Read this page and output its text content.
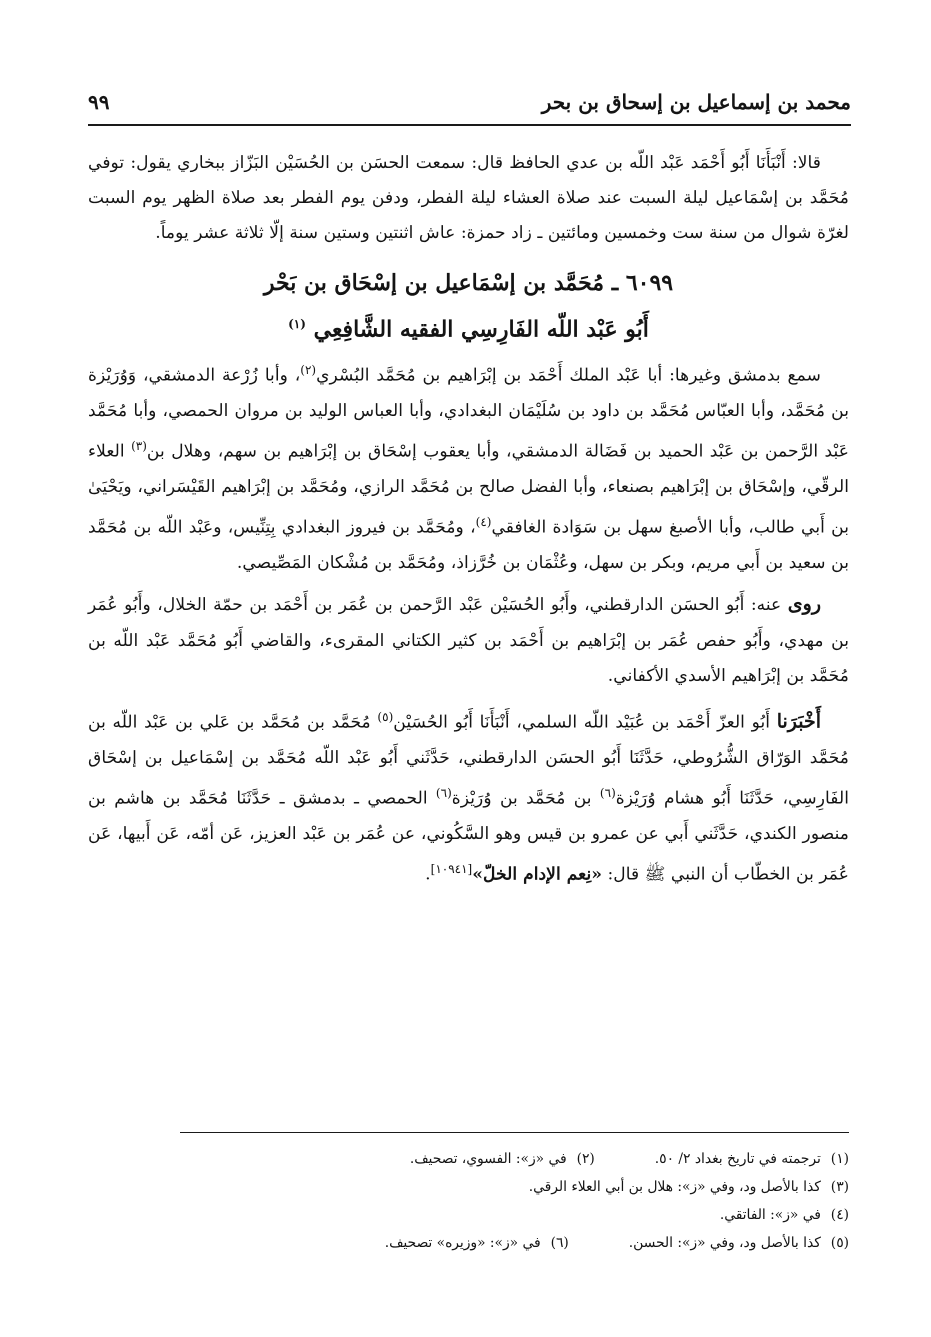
محمد بن إسماعيل بن إسحاق بن بحر
٩٩

قالا: أَنْبَأَنَا أَبُو أَحْمَد عَبْد اللّه بن عدي الحافظ قال: سمعت الحسَن بن الحُسَيْن البَزّاز ببخاري يقول: توفي مُحَمَّد بن إسْمَاعيل ليلة السبت عند صلاة العشاء ليلة الفطر، ودفن يوم الفطر بعد صلاة الظهر يوم السبت لغرّة شوال من سنة ست وخمسين ومائتين ـ زاد حمزة: عاش اثنتين وستين سنة إلّا ثلاثة عشر يوماً.

٦٠٩٩ ـ مُحَمَّد بن إسْمَاعيل بن إسْحَاق بن بَحْر
أَبُو عَبْد اللّه الفَارِسِي الفقيه الشَّافِعِي $^{(١)}$

سمع بدمشق وغيرها: أبا عَبْد الملك أَحْمَد بن إبْرَاهيم بن مُحَمَّد البُسْري$^{(٢)}$، وأبا زُرْعة الدمشقي، وَوُرَيْزة بن مُحَمَّد، وأبا العبّاس مُحَمَّد بن داود بن سُلَيْمَان البغدادي، وأبا العباس الوليد بن مروان الحمصي، وأبا مُحَمَّد عَبْد الرَّحمن بن عَبْد الحميد بن فَضَالة الدمشقي، وأبا يعقوب إسْحَاق بن إبْرَاهيم بن سهم، وهلال بن$^{(٣)}$ العلاء الرقّي، وإسْحَاق بن إبْرَاهيم بصنعاء، وأبا الفضل صالح بن مُحَمَّد الرازي، ومُحَمَّد بن إبْرَاهيم القَيْسَراني، ويَحْيَىٰ بن أَبي طالب، وأبا الأصبغ سهل بن سَوَادة الغافقي$^{(٤)}$، ومُحَمَّد بن فيروز البغدادي بِتِنِّيس، وعَبْد اللّه بن مُحَمَّد بن سعيد بن أَبي مريم، وبكر بن سهل، وعُثْمَان بن خُرَّزاذ، ومُحَمَّد بن مُشْكان المَصِّيصي.

روى عنه: أَبُو الحسَن الدارقطني، وأَبُو الحُسَيْن عَبْد الرَّحمن بن عُمَر بن أَحْمَد بن حمّة الخلال، وأَبُو عُمَر بن مهدي، وأَبُو حفص عُمَر بن إبْرَاهيم بن أَحْمَد بن كثير الكتاني المقرىء، والقاضي أَبُو مُحَمَّد عَبْد اللّه بن مُحَمَّد بن إبْرَاهيم الأسدي الأكفاني.

أَخْبَرَنا أَبُو العزّ أَحْمَد بن عُبَيْد اللّه السلمي، أَنْبَأَنَا أَبُو الحُسَيْن$^{(٥)}$ مُحَمَّد بن مُحَمَّد بن عَلي بن عَبْد اللّه بن مُحَمَّد الوَرّاق الشُّرُوطي، حَدَّثَنَا أَبُو الحسَن الدارقطني، حَدَّثَني أَبُو عَبْد اللّه مُحَمَّد بن إسْمَاعيل بن إسْحَاق الفَارِسِي، حَدَّثَنَا أَبُو هشام وُرَيْزة$^{(٦)}$ بن مُحَمَّد بن وُرَيْزة$^{(٦)}$ الحمصي ـ بدمشق ـ حَدَّثَنَا مُحَمَّد بن هاشم بن منصور الكندي، حَدَّثَني أَبي عن عمرو بن قيس وهو السَّكُوني، عن عُمَر بن عَبْد العزيز، عَن أمّه، عَن أَبيها، عَن عُمَر بن الخطّاب أن النبي ﷺ قال: «نِعم الإدام الخلّ»[١٠٩٤١].

(١)ترجمته في تاريخ بغداد ٢/ ٥٠.
(٢)في «ز»: الفسوي، تصحيف.
(٣)كذا بالأصل ود، وفي «ز»: هلال بن أبي العلاء الرقي.
(٤)في «ز»: الفاتقي.
(٥)كذا بالأصل ود، وفي «ز»: الحسن.
(٦)في «ز»: «وزيره» تصحيف.
